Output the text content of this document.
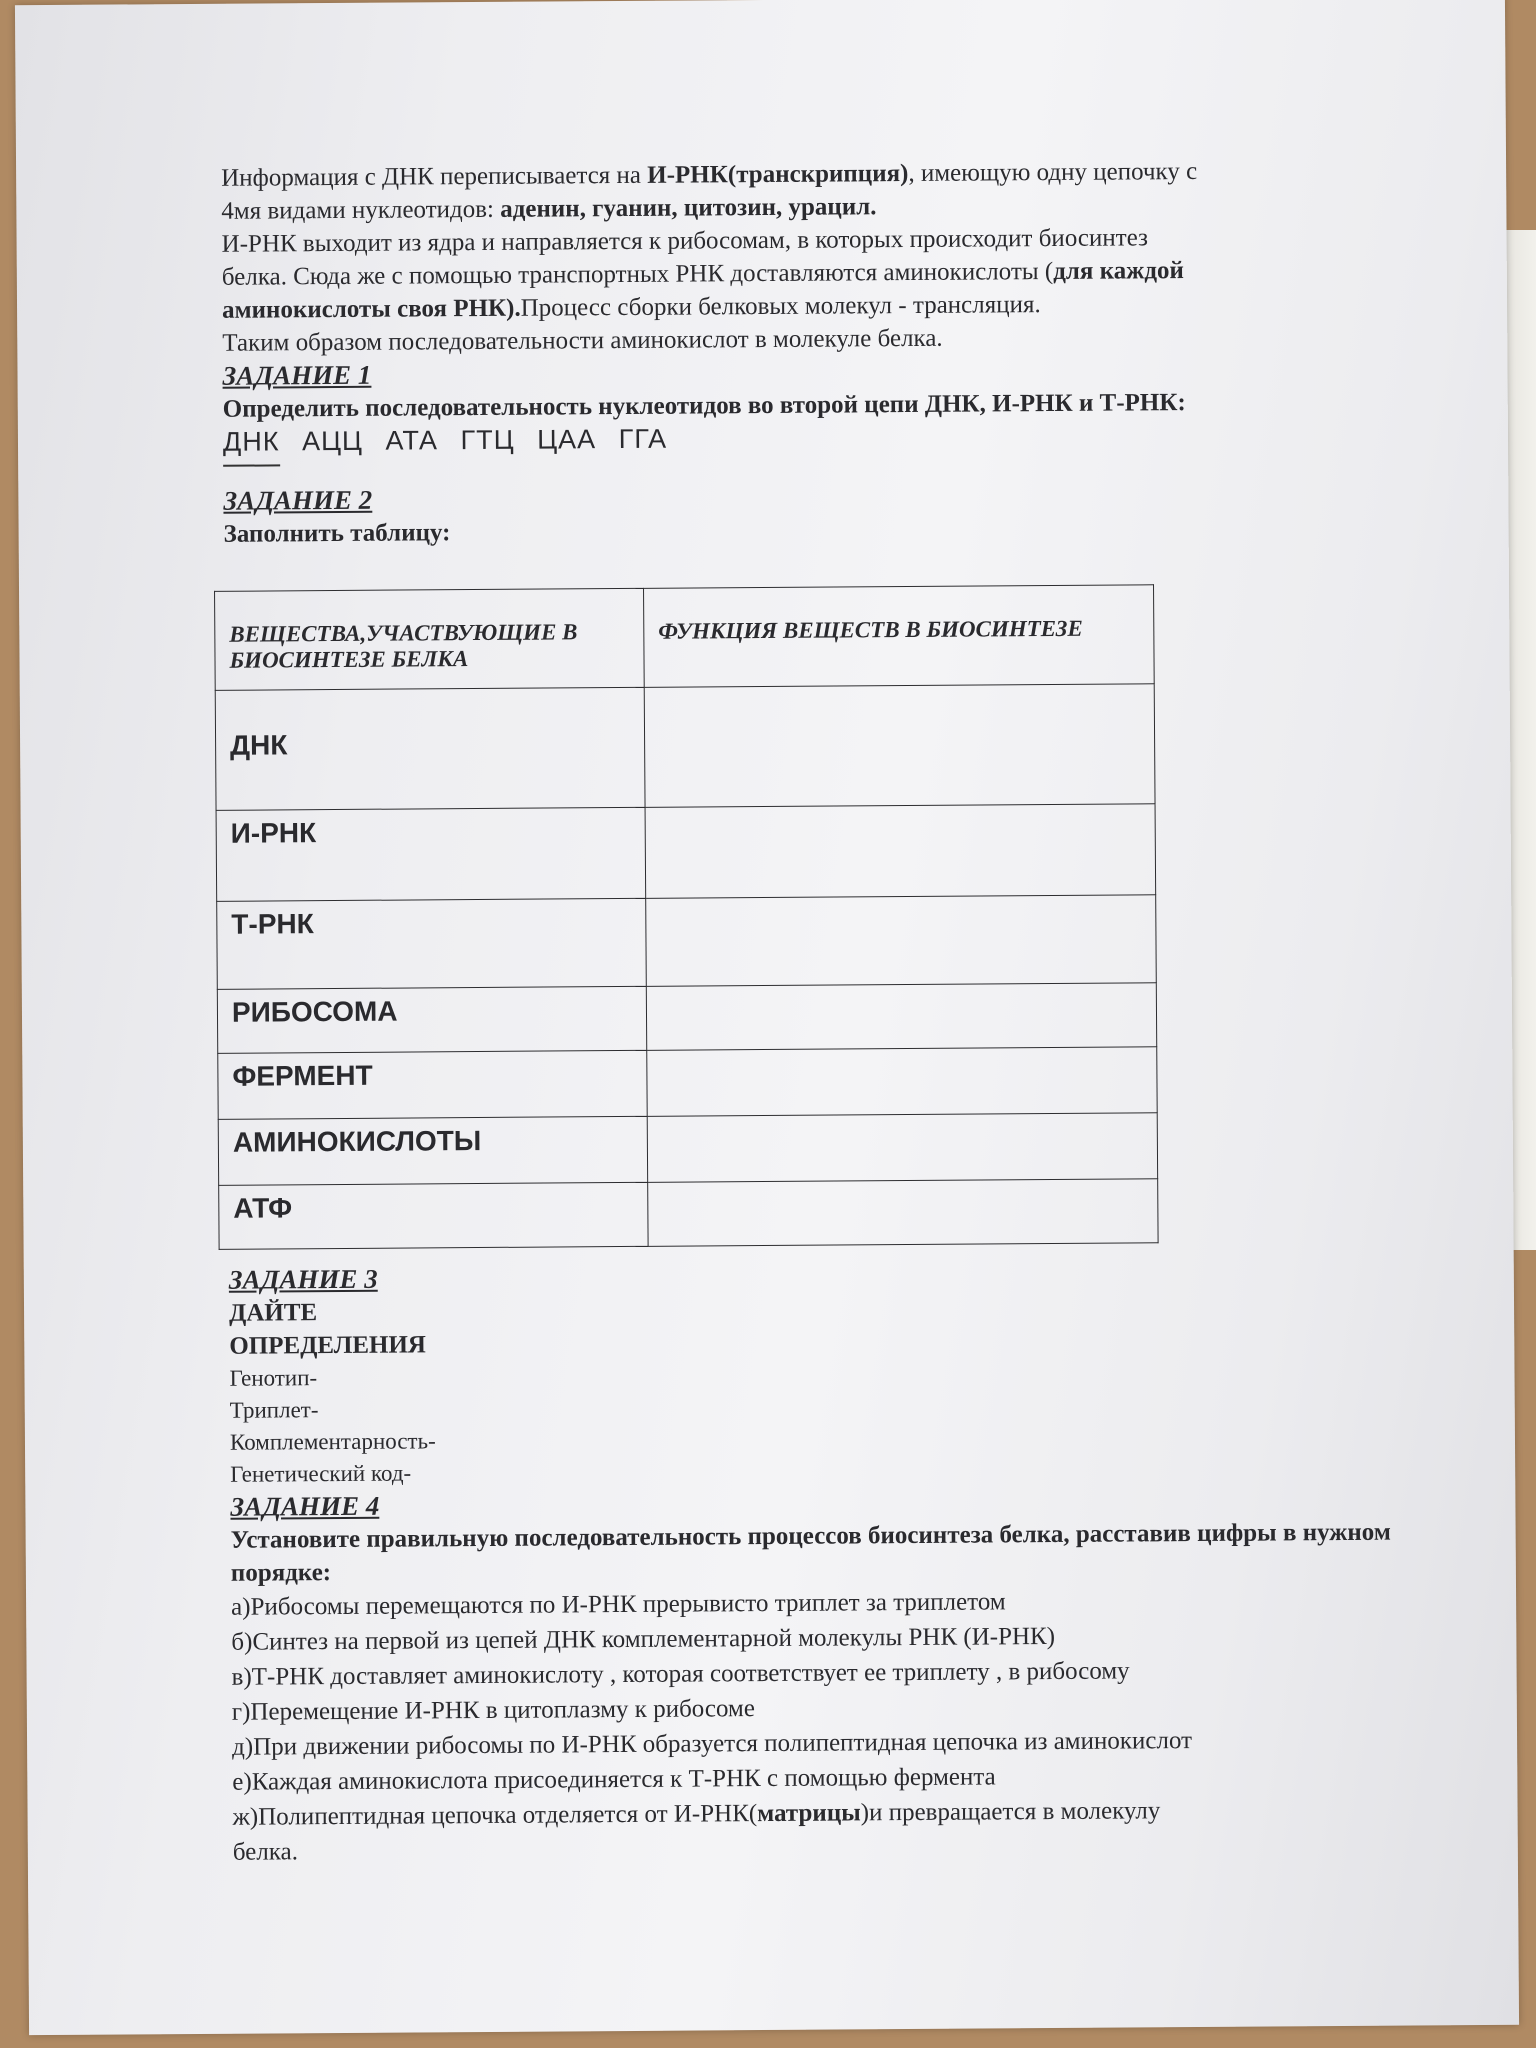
Информация с ДНК переписывается на И-РНК(транскрипция), имеющую одну цепочку с

4мя видами нуклеотидов: аденин, гуанин, цитозин, урацил.

И-РНК выходит из ядра и направляется к рибосомам, в которых происходит биосинтез

белка. Сюда же с помощью транспортных РНК доставляются аминокислоты (для каждой

аминокислоты своя РНК).Процесс сборки белковых молекул - трансляция.

Таким образом последовательности аминокислот в молекуле белка.

ЗАДАНИЕ 1

Определить последовательность нуклеотидов во второй цепи ДНК, И-РНК и Т-РНК:

ДНК АЦЦ АТА ГТЦ ЦАА ГГА

ЗАДАНИЕ 2

Заполнить таблицу:

ВЕЩЕСТВА,УЧАСТВУЮЩИЕ В БИОСИНТЕЗЕ БЕЛКА	ФУНКЦИЯ ВЕЩЕСТВ В БИОСИНТЕЗЕ
ДНК	
И-РНК	
Т-РНК	
РИБОСОМА	
ФЕРМЕНТ	
АМИНОКИСЛОТЫ	
АТФ	

ЗАДАНИЕ 3

ДАЙТЕ

ОПРЕДЕЛЕНИЯ

Генотип-

Триплет-

Комплементарность-

Генетический код-

ЗАДАНИЕ 4

Установите правильную последовательность процессов биосинтеза белка, расставив цифры в нужном порядке:

а)Рибосомы перемещаются по И-РНК прерывисто триплет за триплетом

б)Синтез на первой из цепей ДНК комплементарной молекулы РНК (И-РНК)

в)Т-РНК доставляет аминокислоту , которая соответствует ее триплету , в рибосому

г)Перемещение И-РНК в цитоплазму к рибосоме

д)При движении рибосомы по И-РНК образуется полипептидная цепочка из аминокислот

е)Каждая аминокислота присоединяется к Т-РНК с помощью фермента

ж)Полипептидная цепочка отделяется от И-РНК(матрицы)и превращается в молекулу

белка.
